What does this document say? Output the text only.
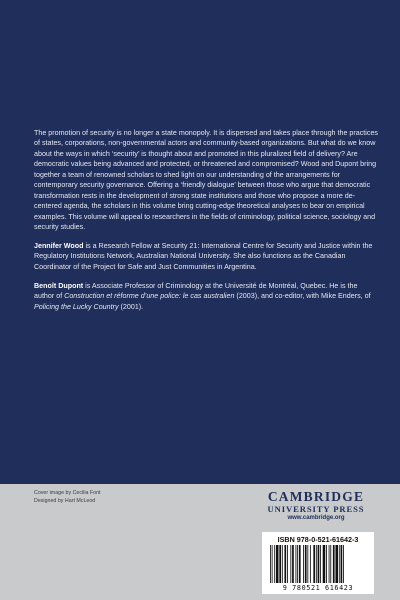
The promotion of security is no longer a state monopoly. It is dispersed and takes place through the practices of states, corporations, non-governmental actors and community-based organizations. But what do we know about the ways in which ‘security’ is thought about and promoted in this pluralized field of delivery? Are democratic values being advanced and protected, or threatened and compromised? Wood and Dupont bring together a team of renowned scholars to shed light on our understanding of the arrangements for contemporary security governance. Offering a ‘friendly dialogue’ between those who argue that democratic transformation rests in the development of strong state institutions and those who propose a more de-centered agenda, the scholars in this volume bring cutting-edge theoretical analyses to bear on empirical examples. This volume will appeal to researchers in the fields of criminology, political science, sociology and security studies.

Jennifer Wood is a Research Fellow at Security 21: International Centre for Security and Justice within the Regulatory Institutions Network, Australian National University. She also functions as the Canadian Coordinator of the Project for Safe and Just Communities in Argentina.

Benoît Dupont is Associate Professor of Criminology at the Université de Montréal, Quebec. He is the author of Construction et réforme d’une police: le cas australien (2003), and co-editor, with Mike Enders, of Policing the Lucky Country (2001).

Cover image by Cecilia Font
Designed by Hart McLeod	CAMBRIDGE
UNIVERSITY PRESS
www.cambridge.org
ISBN 978-0-521-61642-3
9 780521 616423
